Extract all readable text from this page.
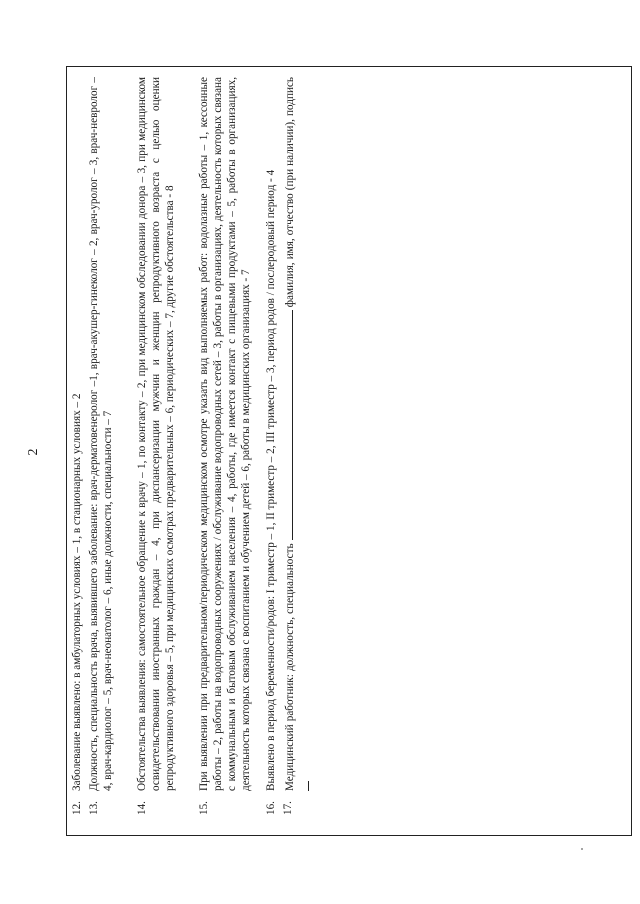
2
12.
Заболевание выявлено: в амбулаторных условиях – 1, в стационарных условиях – 2
13.
Должность, специальность врача, выявившего заболевание: врач-дерматовенеролог –1, врач-акушер-гинеколог – 2, врач-уролог – 3, врач-невролог – 4, врач-кардиолог – 5, врач-неонатолог – 6, иные должности, специальности – 7
14.
Обстоятельства выявления: самостоятельное обращение к врачу – 1, по контакту – 2, при медицинском обследовании донора – 3, при медицинском освидетельствовании иностранных граждан – 4, при диспансеризации мужчин и женщин репродуктивного возраста с целью оценки репродуктивного здоровья – 5, при медицинских осмотрах предварительных – 6, периодических – 7, другие обстоятельства - 8
15.
При выявлении при предварительном/периодическом медицинском осмотре указать вид выполняемых работ: водолазные работы – 1, кессонные работы – 2, работы на водопроводных сооружениях / обслуживание водопроводных сетей – 3, работы в организациях, деятельность которых связана с коммунальным и бытовым обслуживанием населения – 4, работы, где имеется контакт с пищевыми продуктами – 5, работы в организациях, деятельность которых связана с воспитанием и обучением детей – 6, работы в медицинских организациях - 7
16.
Выявлено в период беременности/родов: I триместр – 1, II триместр – 2, III триместр – 3, период родов / послеродовый период - 4
17.
Медицинский работник: должность, специальность  фамилия, имя, отчество (при наличии), подпись
